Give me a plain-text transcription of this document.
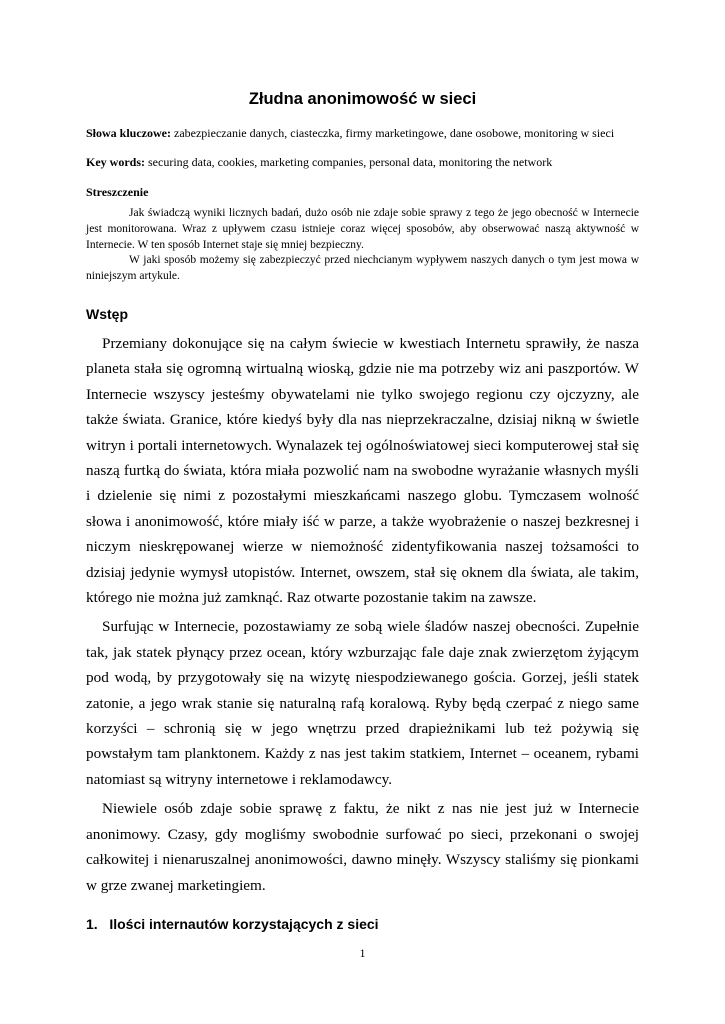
Złudna anonimowość w sieci

Słowa kluczowe: zabezpieczanie danych, ciasteczka, firmy marketingowe, dane osobowe, monitoring w sieci

Key words: securing data, cookies, marketing companies, personal data, monitoring the network

Streszczenie

Jak świadczą wyniki licznych badań, dużo osób nie zdaje sobie sprawy z tego że jego obecność w Internecie jest monitorowana. Wraz z upływem czasu istnieje coraz więcej sposobów, aby obserwować naszą aktywność w Internecie. W ten sposób Internet staje się mniej bezpieczny.

W jaki sposób możemy się zabezpieczyć przed niechcianym wypływem naszych danych o tym jest mowa w niniejszym artykule.

Wstęp

Przemiany dokonujące się na całym świecie w kwestiach Internetu sprawiły, że nasza planeta stała się ogromną wirtualną wioską, gdzie nie ma potrzeby wiz ani paszportów. W Internecie wszyscy jesteśmy obywatelami nie tylko swojego regionu czy ojczyzny, ale także świata. Granice, które kiedyś były dla nas nieprzekraczalne, dzisiaj nikną w świetle witryn i portali internetowych. Wynalazek tej ogólnoświatowej sieci komputerowej stał się naszą furtką do świata, która miała pozwolić nam na swobodne wyrażanie własnych myśli i dzielenie się nimi z pozostałymi mieszkańcami naszego globu. Tymczasem wolność słowa i anonimowość, które miały iść w parze, a także wyobrażenie o naszej bezkresnej i niczym nieskrępowanej wierze w niemożność zidentyfikowania naszej tożsamości to dzisiaj jedynie wymysł utopistów. Internet, owszem, stał się oknem dla świata, ale takim, którego nie można już zamknąć. Raz otwarte pozostanie takim na zawsze.

Surfując w Internecie, pozostawiamy ze sobą wiele śladów naszej obecności. Zupełnie tak, jak statek płynący przez ocean, który wzburzając fale daje znak zwierzętom żyjącym pod wodą, by przygotowały się na wizytę niespodziewanego gościa. Gorzej, jeśli statek zatonie, a jego wrak stanie się naturalną rafą koralową. Ryby będą czerpać z niego same korzyści – schronią się w jego wnętrzu przed drapieżnikami lub też pożywią się powstałym tam planktonem. Każdy z nas jest takim statkiem, Internet – oceanem, rybami natomiast są witryny internetowe i reklamodawcy.

Niewiele osób zdaje sobie sprawę z faktu, że nikt z nas nie jest już w Internecie anonimowy. Czasy, gdy mogliśmy swobodnie surfować po sieci, przekonani o swojej całkowitej i nienaruszalnej anonimowości, dawno minęły. Wszyscy staliśmy się pionkami w grze zwanej marketingiem.

1.   Ilości internautów korzystających z sieci
1
